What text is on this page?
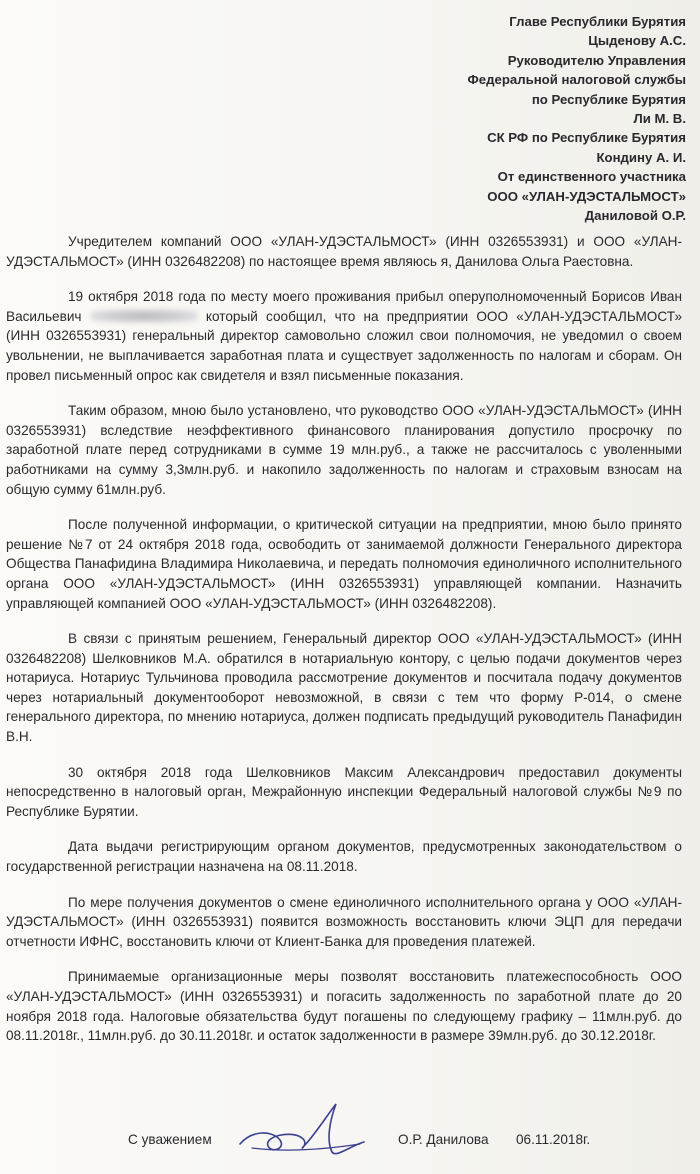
Главе Республики Бурятия
Цыденову А.С.
Руководителю Управления
Федеральной налоговой службы
по Республике Бурятия
Ли М. В.
СК РФ по Республике Бурятия
Кондину А. И.
От единственного участника
ООО «УЛАН-УДЭСТАЛЬМОСТ»
Даниловой О.Р.

Учредителем компаний ООО «УЛАН-УДЭСТАЛЬМОСТ» (ИНН 0326553931) и ООО «УЛАН-УДЭСТАЛЬМОСТ» (ИНН 0326482208) по настоящее время являюсь я, Данилова Ольга Раестовна.

19 октября 2018 года по месту моего проживания прибыл оперуполномоченный Борисов Иван Васильевич	который сообщил, что на предприятии ООО «УЛАН-УДЭСТАЛЬМОСТ» (ИНН 0326553931) генеральный директор самовольно сложил свои полномочия, не уведомил о своем увольнении, не выплачивается заработная плата и существует задолженность по налогам и сборам. Он провел письменный опрос как свидетеля и взял письменные показания.

Таким образом, мною было установлено, что руководство ООО «УЛАН-УДЭСТАЛЬМОСТ» (ИНН 0326553931) вследствие неэффективного финансового планирования допустило просрочку по заработной плате перед сотрудниками в сумме 19 млн.руб., а также не рассчиталось с уволенными работниками на сумму 3,3млн.руб. и накопило задолженность по налогам и страховым взносам на общую сумму 61млн.руб.

После полученной информации, о критической ситуации на предприятии, мною было принято решение №7 от 24 октября 2018 года, освободить от занимаемой должности Генерального директора Общества Панафидина Владимира Николаевича, и передать полномочия единоличного исполнительного органа ООО «УЛАН-УДЭСТАЛЬМОСТ» (ИНН 0326553931) управляющей компании. Назначить управляющей компанией ООО «УЛАН-УДЭСТАЛЬМОСТ» (ИНН 0326482208).

В связи с принятым решением, Генеральный директор ООО «УЛАН-УДЭСТАЛЬМОСТ» (ИНН 0326482208) Шелковников М.А. обратился в нотариальную контору, с целью подачи документов через нотариуса. Нотариус Тульчинова проводила рассмотрение документов и посчитала подачу документов через нотариальный документооборот невозможной, в связи с тем что форму Р-014, о смене генерального директора, по мнению нотариуса, должен подписать предыдущий руководитель Панафидин В.Н.

30 октября 2018 года Шелковников Максим Александрович предоставил документы непосредственно в налоговый орган, Межрайонную инспекции Федеральный налоговой службы №9 по Республике Бурятии.

Дата выдачи регистрирующим органом документов, предусмотренных законодательством о государственной регистрации назначена на 08.11.2018.

По мере получения документов о смене единоличного исполнительного органа у ООО «УЛАН-УДЭСТАЛЬМОСТ» (ИНН 0326553931) появится возможность восстановить ключи ЭЦП для передачи отчетности ИФНС, восстановить ключи от Клиент-Банка для проведения платежей.

Принимаемые организационные меры позволят восстановить платежеспособность ООО «УЛАН-УДЭСТАЛЬМОСТ» (ИНН 0326553931) и погасить задолженность по заработной плате до 20 ноября 2018 года. Налоговые обязательства будут погашены по следующему графику – 11млн.руб. до 08.11.2018г., 11млн.руб. до 30.11.2018г. и остаток задолженности в размере 39млн.руб. до 30.12.2018г.

С уважением	О.Р. Данилова 06.11.2018г.
